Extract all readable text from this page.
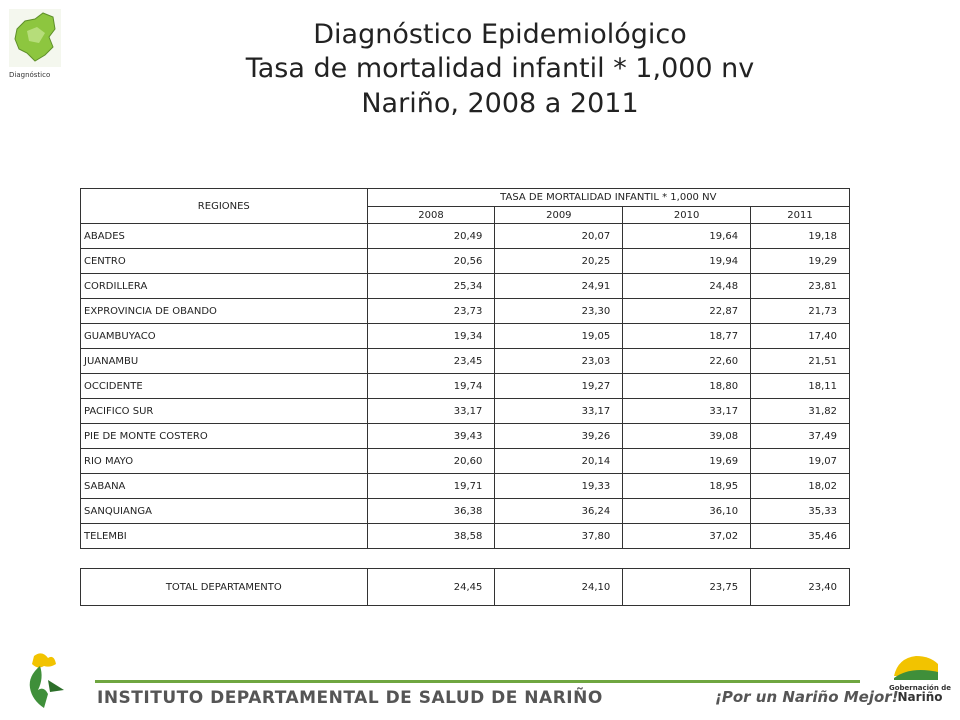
Diagnóstico
Diagnóstico Epidemiológico
Tasa de mortalidad infantil * 1,000 nv
Nariño, 2008 a 2011
REGIONES	TASA DE MORTALIDAD INFANTIL * 1,000 NV			
	2008	2009	2010	2011
ABADES	20,49	20,07	19,64	19,18
CENTRO	20,56	20,25	19,94	19,29
CORDILLERA	25,34	24,91	24,48	23,81
EXPROVINCIA DE OBANDO	23,73	23,30	22,87	21,73
GUAMBUYACO	19,34	19,05	18,77	17,40
JUANAMBU	23,45	23,03	22,60	21,51
OCCIDENTE	19,74	19,27	18,80	18,11
PACIFICO SUR	33,17	33,17	33,17	31,82
PIE DE MONTE COSTERO	39,43	39,26	39,08	37,49
RIO MAYO	20,60	20,14	19,69	19,07
SABANA	19,71	19,33	18,95	18,02
SANQUIANGA	36,38	36,24	36,10	35,33
TELEMBI	38,58	37,80	37,02	35,46
TOTAL DEPARTAMENTO	24,45	24,10	23,75	23,40
INSTITUTO DEPARTAMENTAL DE SALUD DE NARIÑO	¡Por un Nariño Mejor!
Gobernación de
Nariño
